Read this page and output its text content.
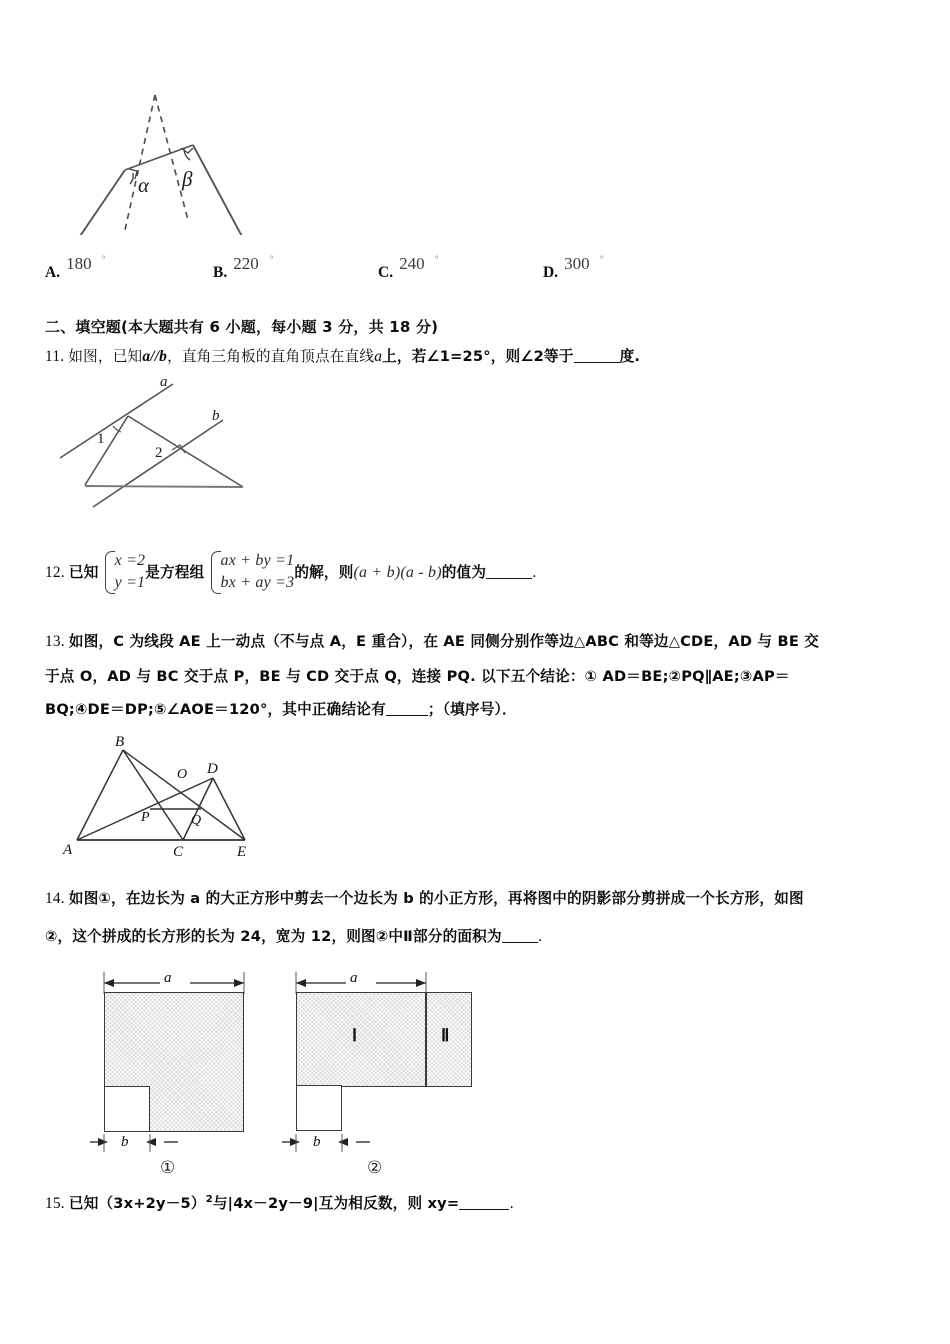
α β
A. 180 °
B. 220 °
C. 240 °
D. 300 °
二、填空题(本大题共有 6 小题，每小题 3 分，共 18 分)
11. 如图，已知a//b，直角三角板的直角顶点在直线a上，若∠1=25°，则∠2等于	度.
1
2
a
b
12. 已知 x =2
y =1是方程组 ax + by =1
bx + ay =3的解，则(a + b)(a - b)的值为	.
13. 如图，C 为线段 AE 上一动点（不与点 A，E 重合），在 AE 同侧分别作等边△ABC 和等边△CDE，AD 与 BE 交
于点 O，AD 与 BC 交于点 P，BE 与 CD 交于点 Q，连接 PQ. 以下五个结论：① AD＝BE;②PQ∥AE;③AP＝
BQ;④DE＝DP;⑤∠AOE＝120°，其中正确结论有	；（填序号）．
B
O D
P	Q
A	C	E
14. 如图①，在边长为 a 的大正方形中剪去一个边长为 b 的小正方形，再将图中的阴影部分剪拼成一个长方形，如图
②，这个拼成的长方形的长为 24，宽为 12，则图②中Ⅱ部分的面积为 .
a
b
①
a
Ⅰ	Ⅱ
b
②
15. 已知$(3x+2y-5)^2$与|4x－2y－9|互为相反数，则 xy=	.
